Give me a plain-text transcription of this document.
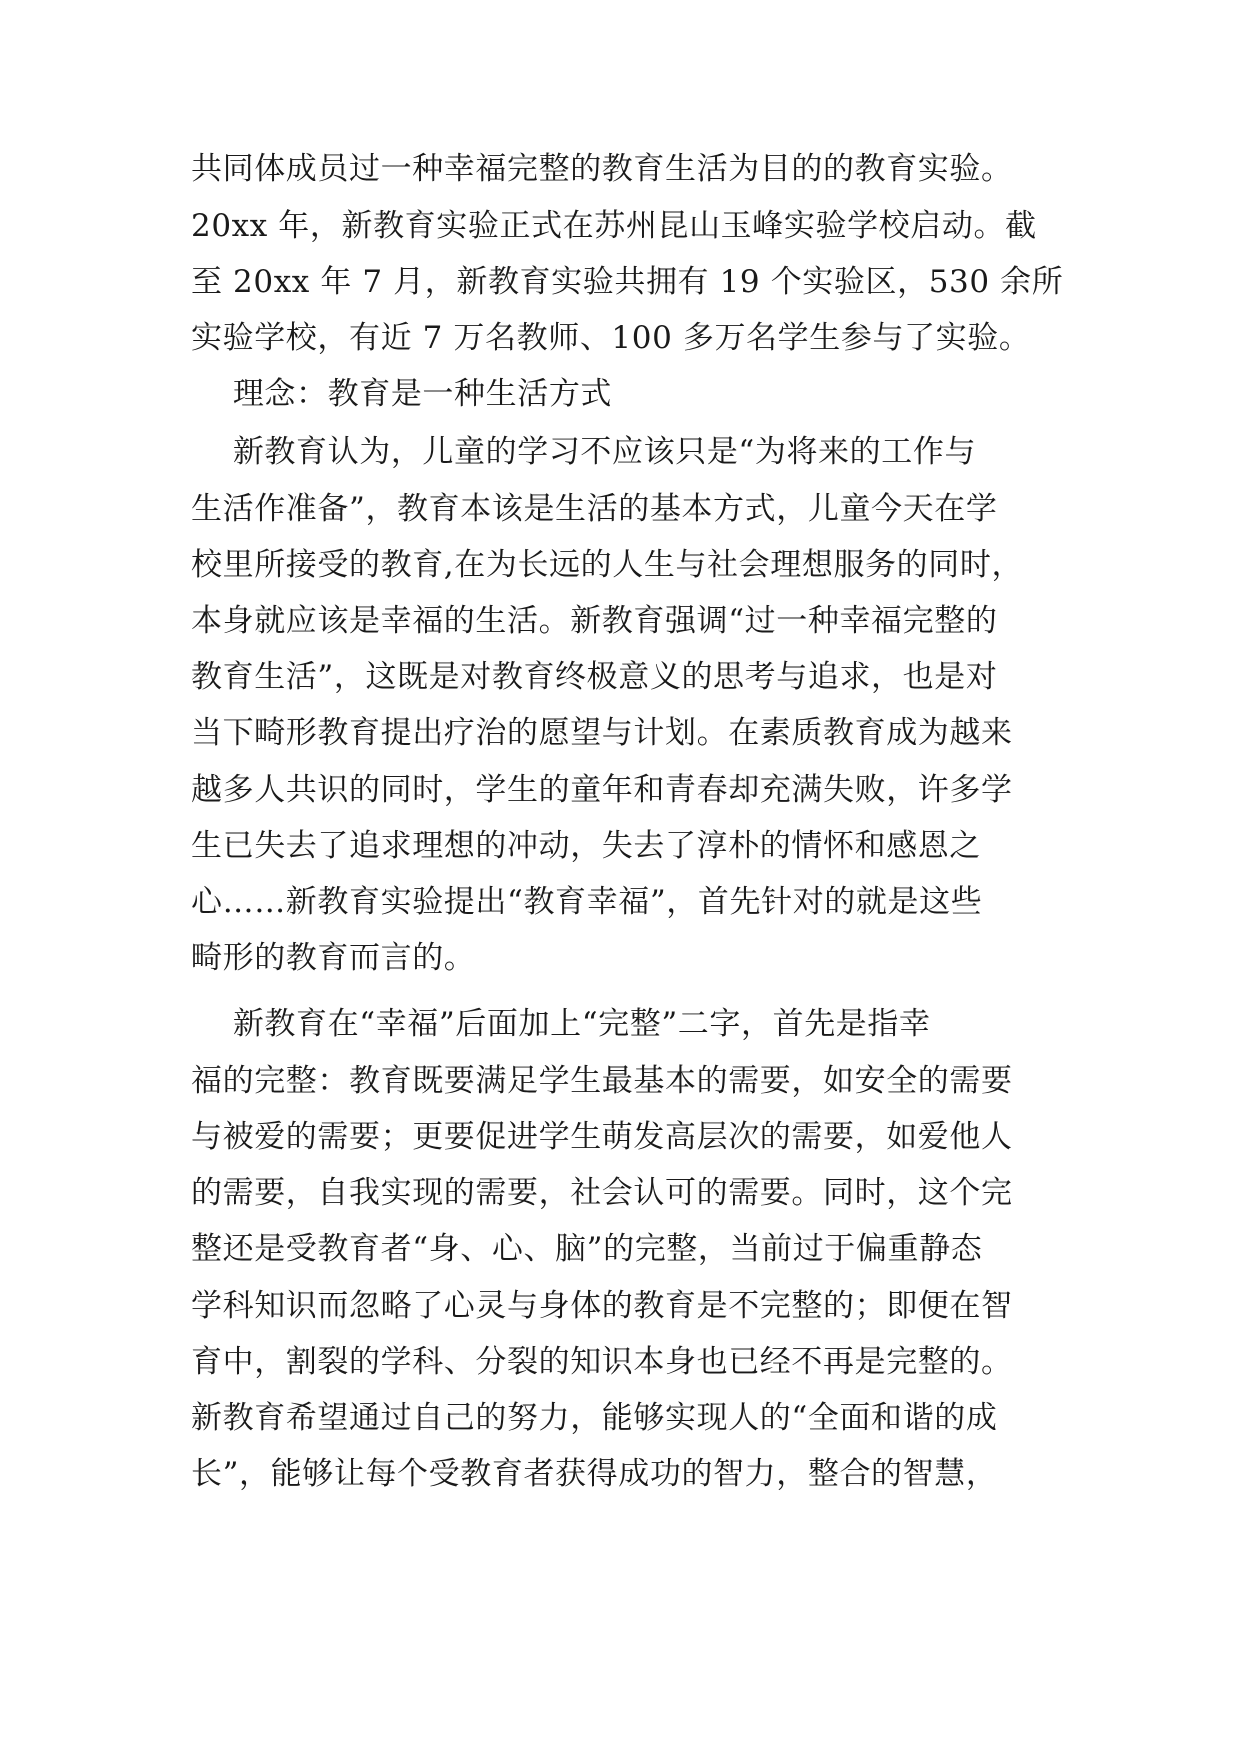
共同体成员过一种幸福完整的教育生活为目的的教育实验。
20xx 年，新教育实验正式在苏州昆山玉峰实验学校启动。截
至 20xx 年 7 月，新教育实验共拥有 19 个实验区，530 余所
实验学校，有近 7 万名教师、100 多万名学生参与了实验。
理念：教育是一种生活方式
新教育认为，儿童的学习不应该只是“为将来的工作与
生活作准备”，教育本该是生活的基本方式，儿童今天在学
校里所接受的教育,在为长远的人生与社会理想服务的同时，
本身就应该是幸福的生活。新教育强调“过一种幸福完整的
教育生活”，这既是对教育终极意义的思考与追求，也是对
当下畸形教育提出疗治的愿望与计划。在素质教育成为越来
越多人共识的同时，学生的童年和青春却充满失败，许多学
生已失去了追求理想的冲动，失去了淳朴的情怀和感恩之
心……新教育实验提出“教育幸福”，首先针对的就是这些
畸形的教育而言的。
新教育在“幸福”后面加上“完整”二字，首先是指幸
福的完整：教育既要满足学生最基本的需要，如安全的需要
与被爱的需要；更要促进学生萌发高层次的需要，如爱他人
的需要，自我实现的需要，社会认可的需要。同时，这个完
整还是受教育者“身、心、脑”的完整，当前过于偏重静态
学科知识而忽略了心灵与身体的教育是不完整的；即便在智
育中，割裂的学科、分裂的知识本身也已经不再是完整的。
新教育希望通过自己的努力，能够实现人的“全面和谐的成
长”，能够让每个受教育者获得成功的智力，整合的智慧，
